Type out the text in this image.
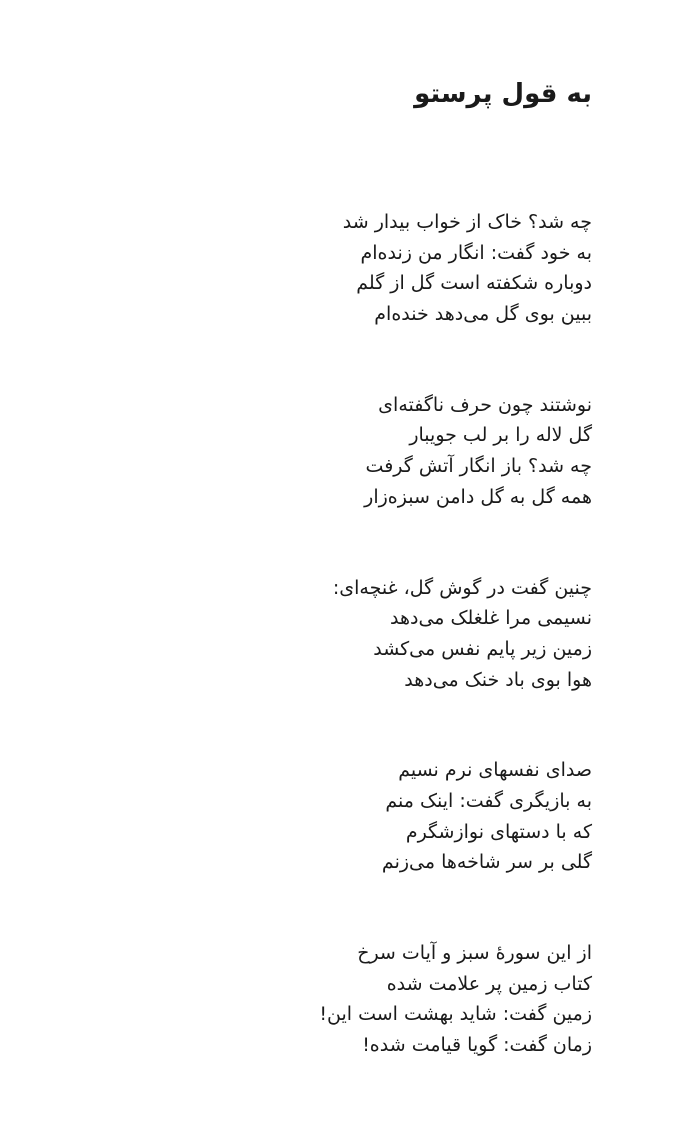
به قول پرستو
چه شد؟ خاک از خواب بیدار شد
به خود گفت: انگار من زنده‌ام
دوباره شکفته است گل از گلم
ببین بوی گل می‌دهد خنده‌ام
نوشتند چون حرف ناگفته‌ای
گل لاله را بر لب جویبار
چه شد؟ باز انگار آتش گرفت
همه گل به گل دامن سبزه‌زار
چنین گفت در گوش گل، غنچه‌ای:
نسیمی مرا غلغلک می‌دهد
زمین زیر پایم نفس می‌کشد
هوا بوی باد خنک می‌دهد
صدای نفسهای نرم نسیم
به بازیگری گفت: اینک منم
که با دستهای نوازشگرم
گلی بر سر شاخه‌ها می‌زنم
از این سورهٔ سبز و آیات سرخ
کتاب زمین پر علامت شده
زمین گفت: شاید بهشت است این!
زمان گفت: گویا قیامت شده!
